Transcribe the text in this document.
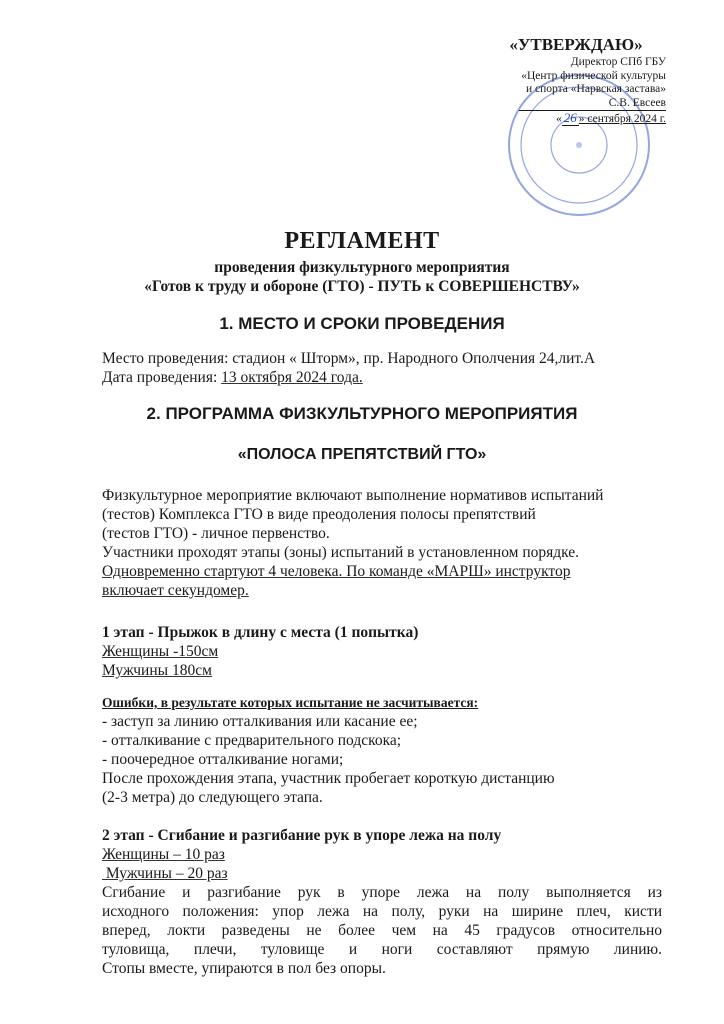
«УТВЕРЖДАЮ»
Директор СПб ГБУ
«Центр физической культуры
и спорта «Нарвская застава»
С.В. Евсеев
« 26 » сентября 2024 г.
РЕГЛАМЕНТ
проведения физкультурного мероприятия
«Готов к труду и обороне (ГТО) - ПУТЬ к СОВЕРШЕНСТВУ»
1. МЕСТО И СРОКИ ПРОВЕДЕНИЯ
Место проведения: стадион « Шторм», пр. Народного Ополчения 24,лит.А
Дата проведения: 13 октября 2024 года.
2. ПРОГРАММА ФИЗКУЛЬТУРНОГО МЕРОПРИЯТИЯ
«ПОЛОСА ПРЕПЯТСТВИЙ ГТО»
Физкультурное мероприятие включают выполнение нормативов испытаний
(тестов) Комплекса ГТО в виде преодоления полосы препятствий
(тестов ГТО) - личное первенство.
Участники проходят этапы (зоны) испытаний в установленном порядке.
Одновременно стартуют 4 человека. По команде «МАРШ» инструктор
включает секундомер.
1 этап - Прыжок в длину с места (1 попытка)
Женщины -150см
Мужчины 180см
Ошибки, в результате которых испытание не засчитывается:
- заступ за линию отталкивания или касание ее;
- отталкивание с предварительного подскока;
- поочередное отталкивание ногами;
После прохождения этапа, участник пробегает короткую дистанцию
(2-3 метра) до следующего этапа.
2 этап - Сгибание и разгибание рук в упоре лежа на полу
Женщины – 10 раз
Мужчины – 20 раз
Сгибание и разгибание рук в упоре лежа на полу выполняется из
исходного положения: упор лежа на полу, руки на ширине плеч, кисти
вперед, локти разведены не более чем на 45 градусов относительно
туловища, плечи, туловище и ноги составляют прямую линию.
Стопы вместе, упираются в пол без опоры.
